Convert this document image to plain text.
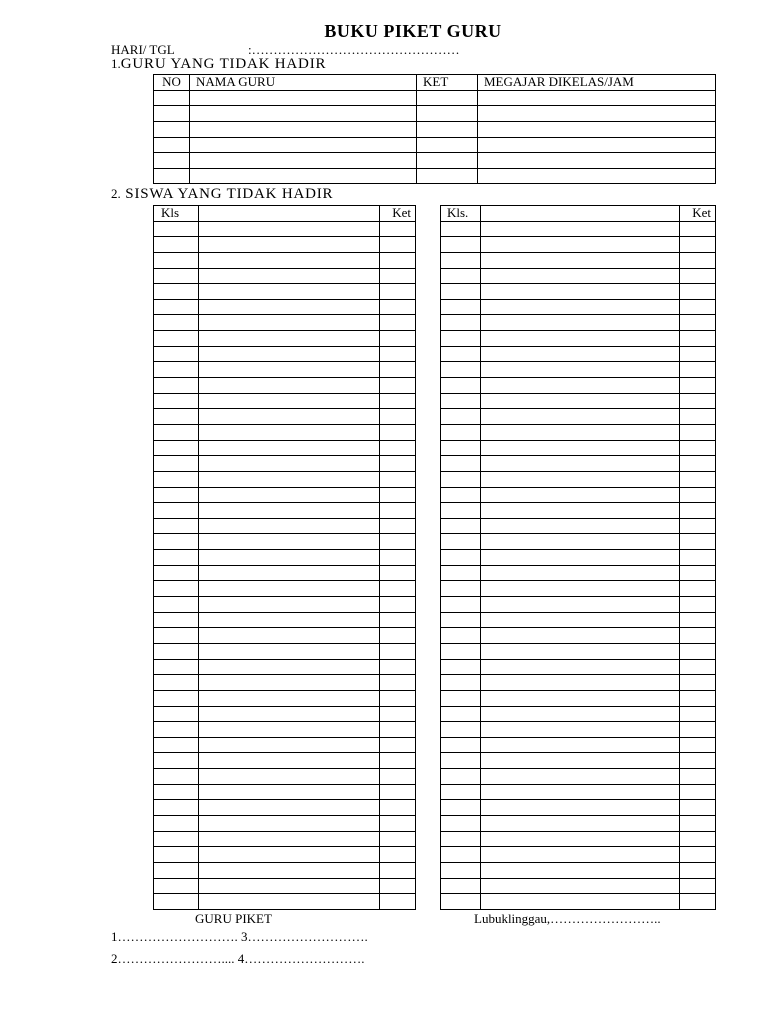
BUKU PIKET GURU
HARI/ TGL	:…………………………………………
1.GURU YANG TIDAK HADIR
NO	NAMA GURU	KET	MEGAJAR DIKELAS/JAM

2. SISWA YANG TIDAK HADIR
Kls		Ket

			Kls.		Ket

GURU PIKET	Lubuklinggau,……………………..
1………………………. 3……………………….
2…………………….... 4……………………….
